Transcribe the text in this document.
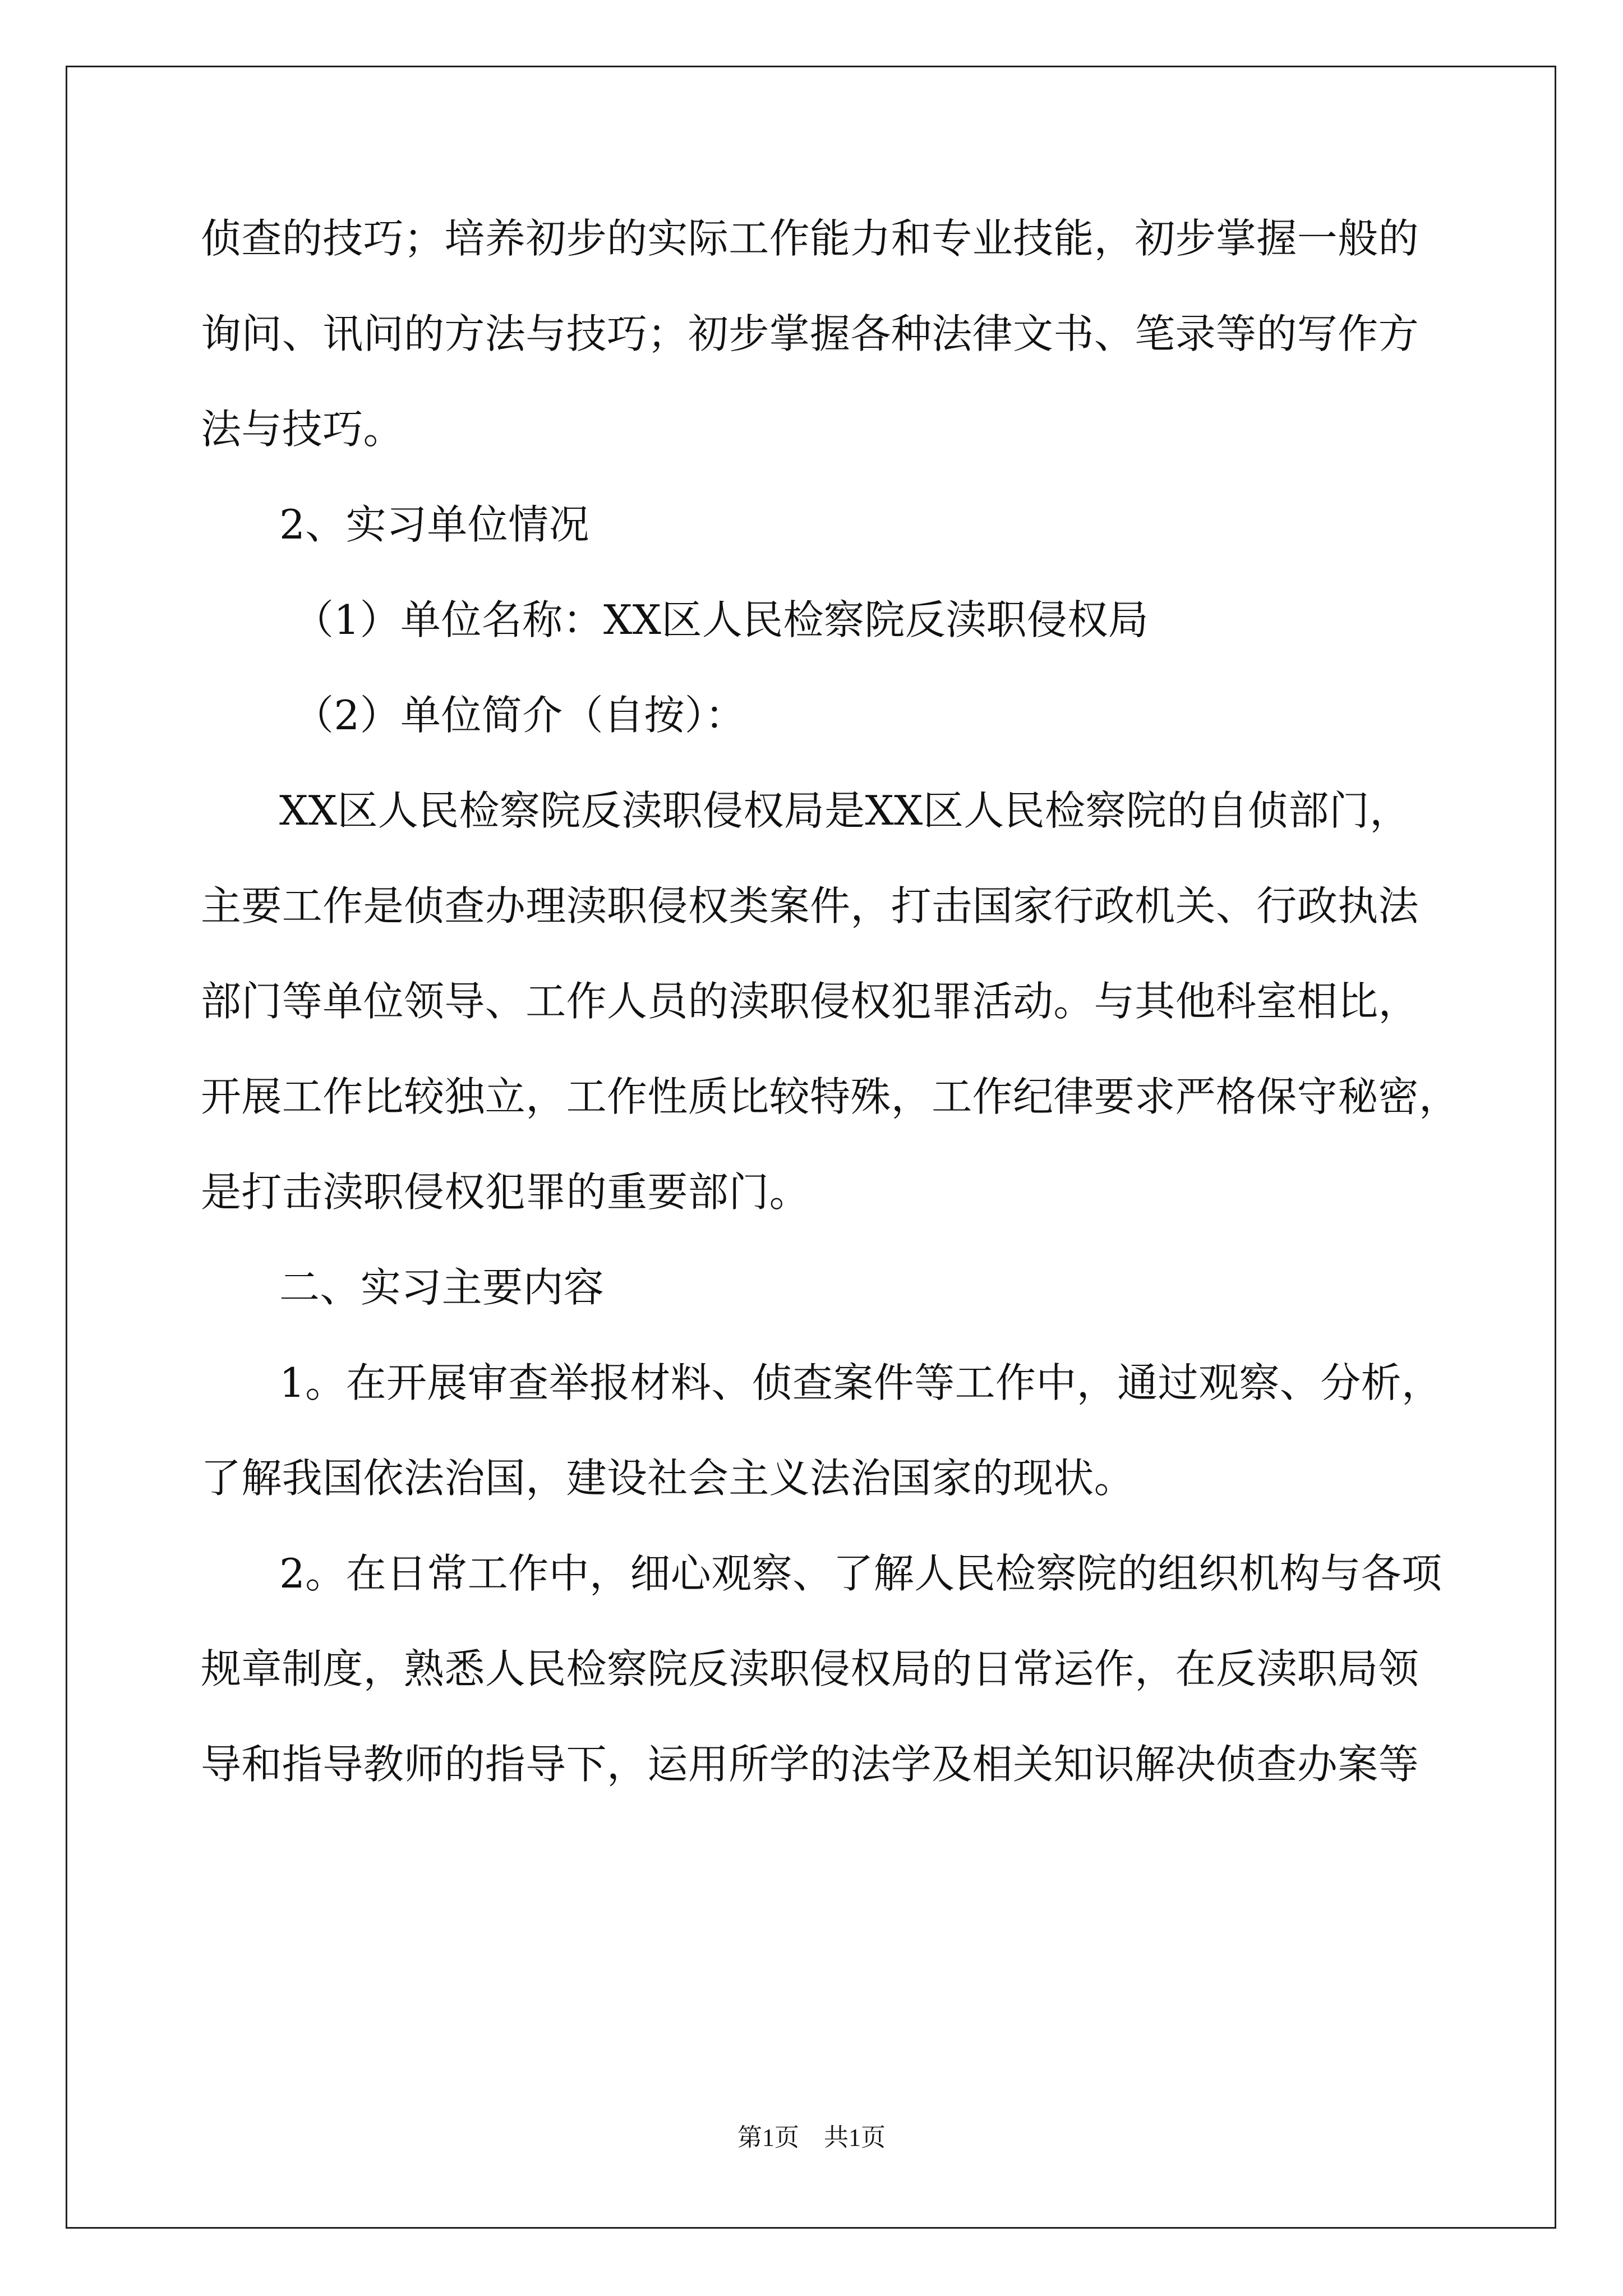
侦查的技巧；培养初步的实际工作能力和专业技能，初步掌握一般的
询问、讯问的方法与技巧；初步掌握各种法律文书、笔录等的写作方
法与技巧。
2、实习单位情况
（1）单位名称：XX区人民检察院反渎职侵权局
（2）单位简介（自按）：
XX区人民检察院反渎职侵权局是XX区人民检察院的自侦部门，
主要工作是侦查办理渎职侵权类案件，打击国家行政机关、行政执法
部门等单位领导、工作人员的渎职侵权犯罪活动。与其他科室相比，
开展工作比较独立，工作性质比较特殊，工作纪律要求严格保守秘密，
是打击渎职侵权犯罪的重要部门。
二、实习主要内容
1。在开展审查举报材料、侦查案件等工作中，通过观察、分析，
了解我国依法治国，建设社会主义法治国家的现状。
2。在日常工作中，细心观察、了解人民检察院的组织机构与各项
规章制度，熟悉人民检察院反渎职侵权局的日常运作，在反渎职局领
导和指导教师的指导下，运用所学的法学及相关知识解决侦查办案等
第1页　共1页
